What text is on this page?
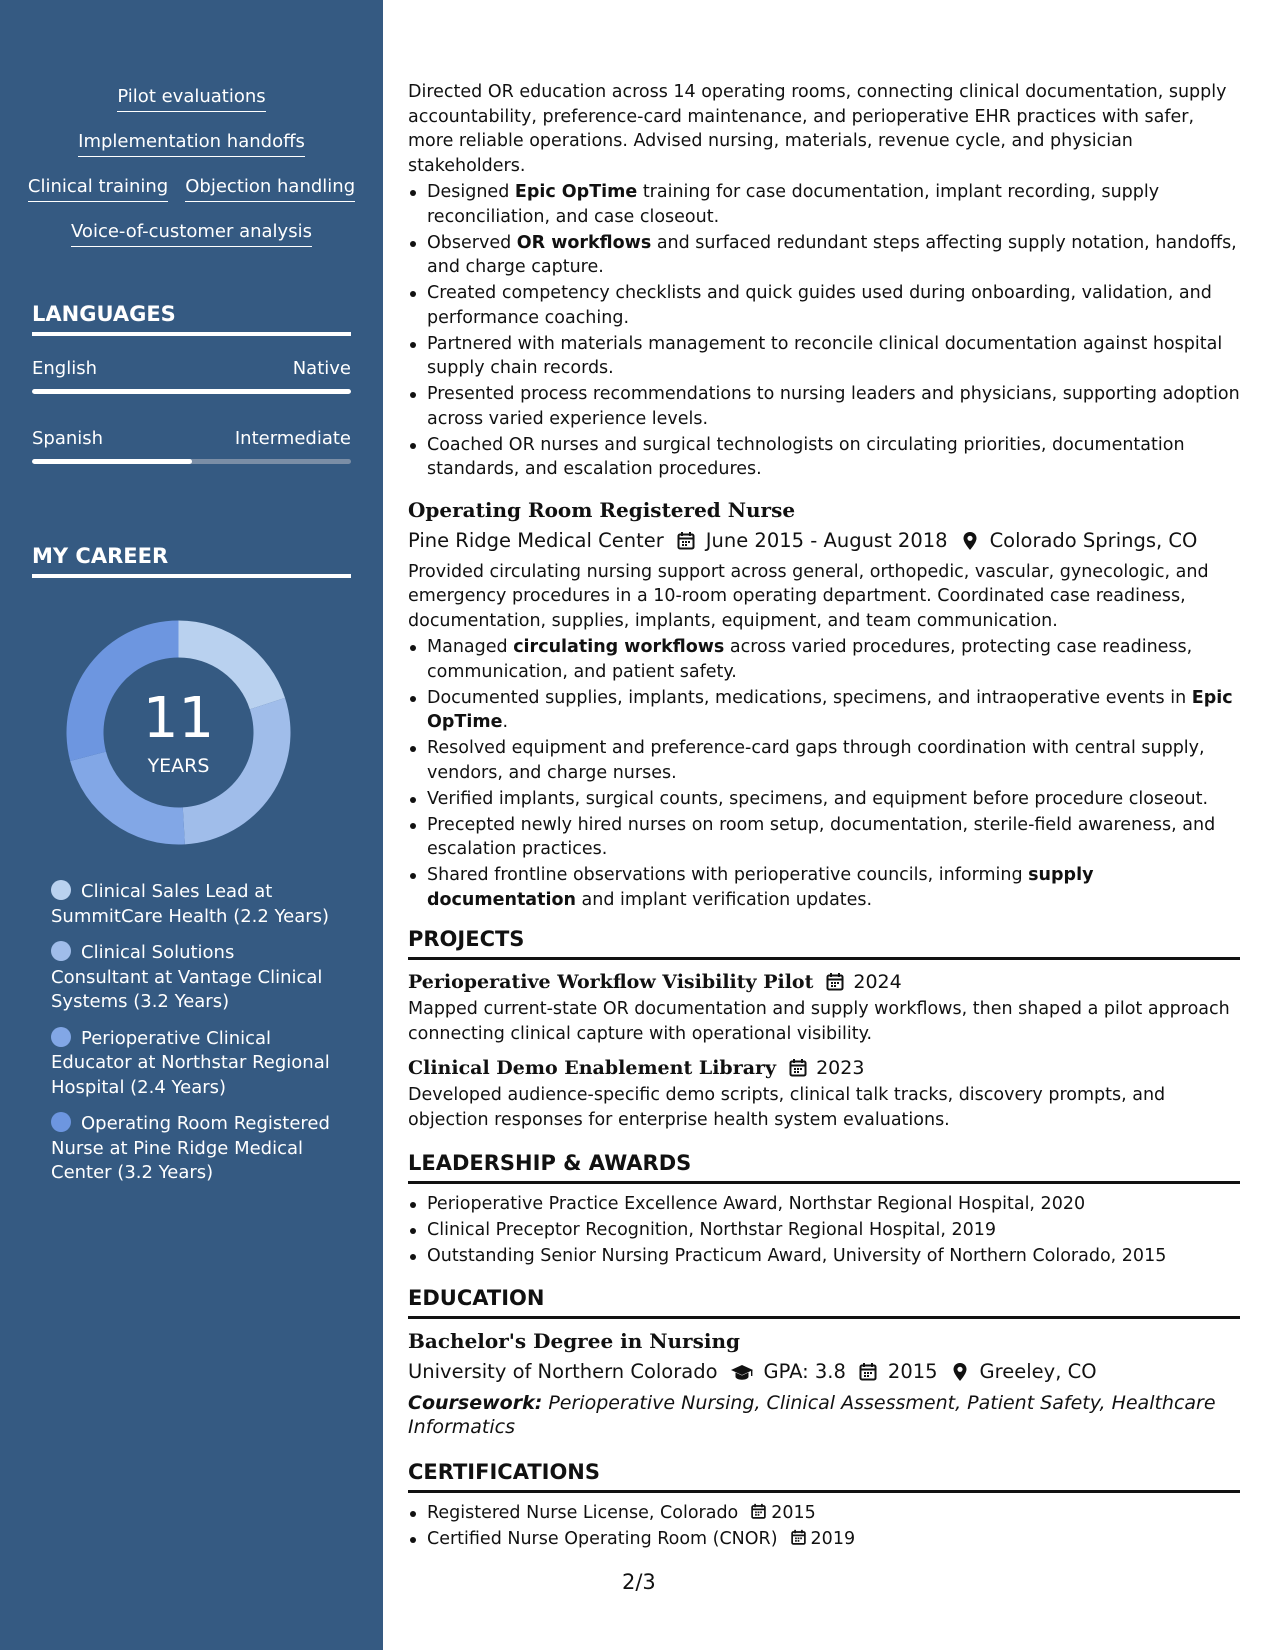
Pilot evaluations
Implementation handoffs
Clinical training Objection handling
Voice-of-customer analysis
LANGUAGES
English	Native
Spanish	Intermediate
MY CAREER
11
YEARS
Clinical Sales Lead at SummitCare Health (2.2 Years)
Clinical Solutions Consultant at Vantage Clinical Systems (3.2 Years)
Perioperative Clinical Educator at Northstar Regional Hospital (2.4 Years)
Operating Room Registered Nurse at Pine Ridge Medical Center (3.2 Years)

Directed OR education across 14 operating rooms, connecting clinical documentation, supply accountability, preference-card maintenance, and perioperative EHR practices with safer, more reliable operations. Advised nursing, materials, revenue cycle, and physician stakeholders.

Designed Epic OpTime training for case documentation, implant recording, supply reconciliation, and case closeout.
Observed OR workflows and surfaced redundant steps affecting supply notation, handoffs, and charge capture.
Created competency checklists and quick guides used during onboarding, validation, and performance coaching.
Partnered with materials management to reconcile clinical documentation against hospital supply chain records.
Presented process recommendations to nursing leaders and physicians, supporting adoption across varied experience levels.
Coached OR nurses and surgical technologists on circulating priorities, documentation standards, and escalation procedures.
Operating Room Registered Nurse
Pine Ridge Medical Center June 2015 - August 2018 Colorado Springs, CO

Provided circulating nursing support across general, orthopedic, vascular, gynecologic, and emergency procedures in a 10-room operating department. Coordinated case readiness, documentation, supplies, implants, equipment, and team communication.

Managed circulating workflows across varied procedures, protecting case readiness, communication, and patient safety.
Documented supplies, implants, medications, specimens, and intraoperative events in Epic OpTime.
Resolved equipment and preference-card gaps through coordination with central supply, vendors, and charge nurses.
Verified implants, surgical counts, specimens, and equipment before procedure closeout.
Precepted newly hired nurses on room setup, documentation, sterile-field awareness, and escalation practices.
Shared frontline observations with perioperative councils, informing supply documentation and implant verification updates.
PROJECTS
Perioperative Workflow Visibility Pilot 2024

Mapped current-state OR documentation and supply workflows, then shaped a pilot approach connecting clinical capture with operational visibility.

Clinical Demo Enablement Library 2023

Developed audience-specific demo scripts, clinical talk tracks, discovery prompts, and objection responses for enterprise health system evaluations.

LEADERSHIP & AWARDS
Perioperative Practice Excellence Award, Northstar Regional Hospital, 2020
Clinical Preceptor Recognition, Northstar Regional Hospital, 2019
Outstanding Senior Nursing Practicum Award, University of Northern Colorado, 2015
EDUCATION
Bachelor's Degree in Nursing
University of Northern Colorado GPA: 3.8 2015 Greeley, CO
Coursework: Perioperative Nursing, Clinical Assessment, Patient Safety, Healthcare Informatics
CERTIFICATIONS
Registered Nurse License, Colorado 2015
Certified Nurse Operating Room (CNOR) 2019
2/3
